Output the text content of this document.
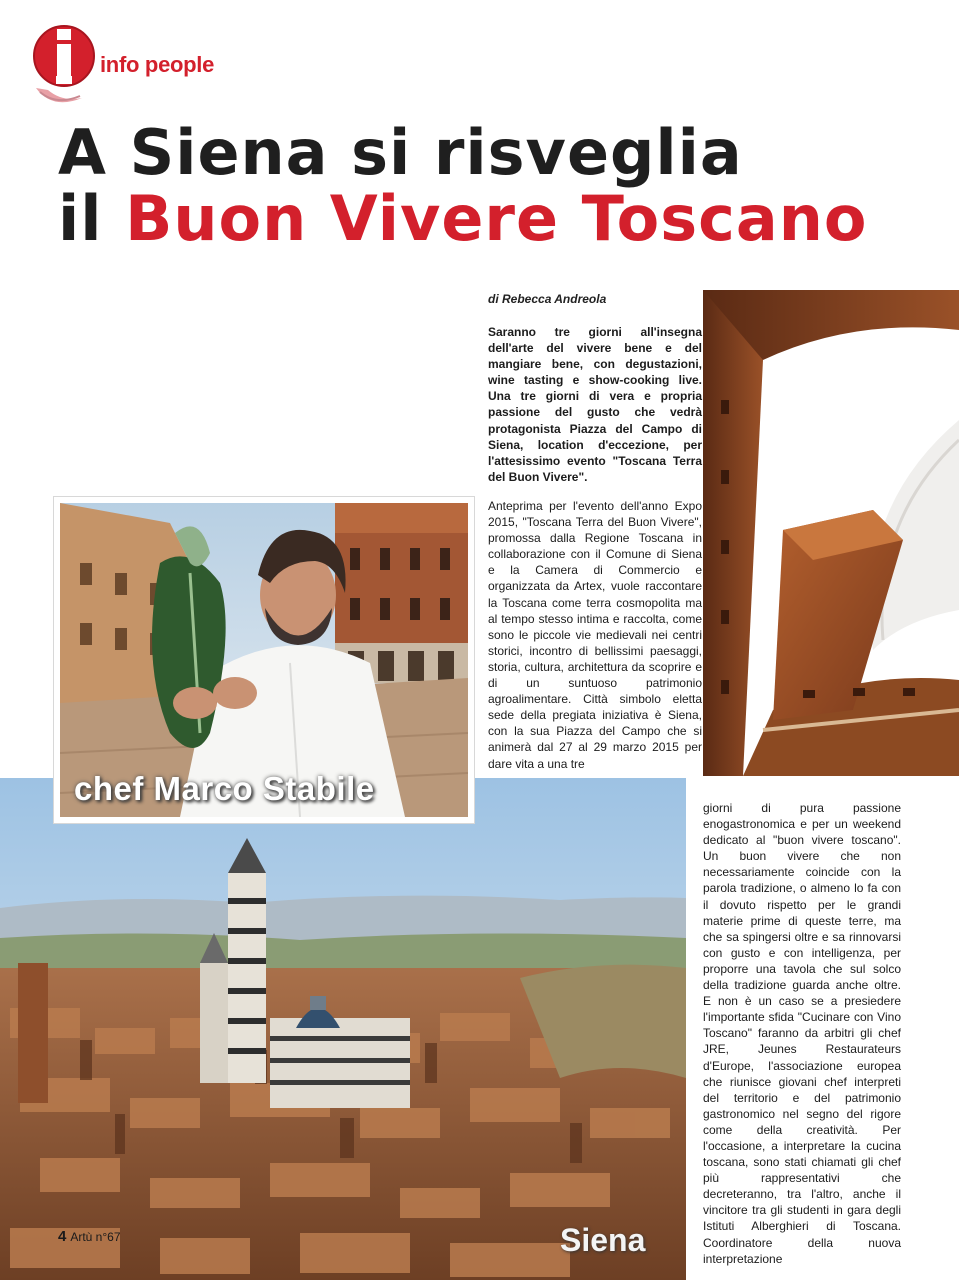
info people
A Siena si risveglia
il Buon Vivere Toscano
di Rebecca Andreola

Saranno tre giorni all'insegna dell'arte del vivere bene e del mangiare bene, con degustazioni, wine tasting e show-cooking live. Una tre giorni di vera e propria passione del gusto che vedrà protagonista Piazza del Campo di Siena, location d'eccezione, per l'attesissimo evento "Toscana Terra del Buon Vivere".

Anteprima per l'evento dell'anno Expo 2015, "Toscana Terra del Buon Vivere", promossa dalla Regione Toscana in collaborazione con il Comune di Siena e la Camera di Commercio e organizzata da Artex, vuole raccontare la Toscana come terra cosmopolita ma al tempo stesso intima e raccolta, come sono le piccole vie medievali nei centri storici, incontro di bellissimi paesaggi, storia, cultura, architettura da scoprire e di un suntuoso patrimonio agroalimentare. Città simbolo eletta sede della pregiata iniziativa è Siena, con la sua Piazza del Campo che si animerà dal 27 al 29 marzo 2015 per dare vita a una tre

giorni di pura passione enogastronomica e per un weekend dedicato al "buon vivere toscano". Un buon vivere che non necessariamente coincide con la parola tradizione, o almeno lo fa con il dovuto rispetto per le grandi materie prime di queste terre, ma che sa spingersi oltre e sa rinnovarsi con gusto e con intelligenza, per proporre una tavola che sul solco della tradizione guarda anche oltre. E non è un caso se a presiedere l'importante sfida "Cucinare con Vino Toscano" faranno da arbitri gli chef JRE, Jeunes Restaurateurs d'Europe, l'associazione europea che riunisce giovani chef interpreti del territorio e del patrimonio gastronomico nel segno del rigore come della creatività. Per l'occasione, a interpretare la cucina toscana, sono stati chiamati gli chef più rappresentativi che decreteranno, tra l'altro, anche il vincitore tra gli studenti in gara degli Istituti Alberghieri di Toscana. Coordinatore della nuova interpretazione

chef Marco Stabile
Siena
4 Artù n°67
